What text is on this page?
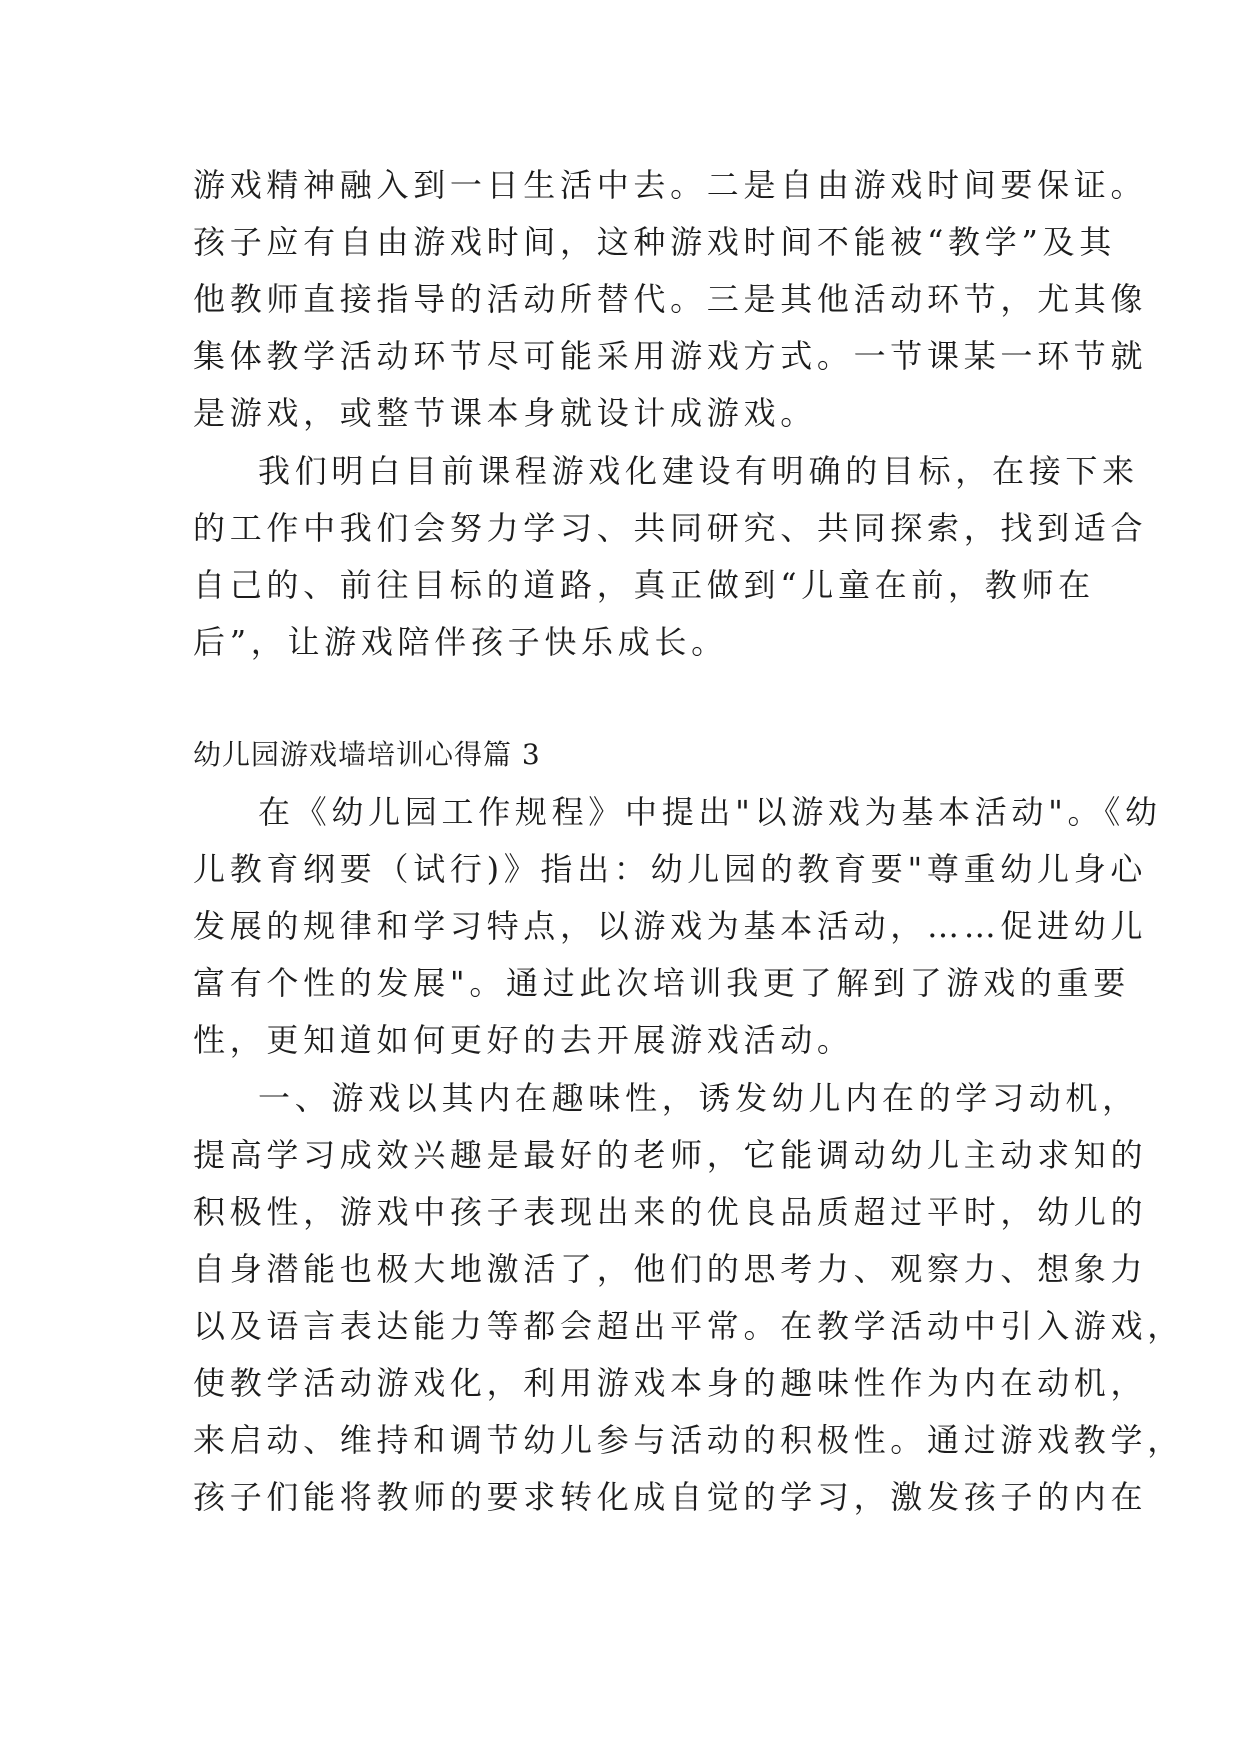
游戏精神融入到一日生活中去。二是自由游戏时间要保证。

孩子应有自由游戏时间，这种游戏时间不能被“教学”及其

他教师直接指导的活动所替代。三是其他活动环节，尤其像

集体教学活动环节尽可能采用游戏方式。一节课某一环节就

是游戏，或整节课本身就设计成游戏。

我们明白目前课程游戏化建设有明确的目标，在接下来

的工作中我们会努力学习、共同研究、共同探索，找到适合

自己的、前往目标的道路，真正做到“儿童在前，教师在

后”，让游戏陪伴孩子快乐成长。

幼儿园游戏墙培训心得篇 3

在《幼儿园工作规程》中提出"以游戏为基本活动"。《幼

儿教育纲要（试行)》指出：幼儿园的教育要"尊重幼儿身心

发展的规律和学习特点，以游戏为基本活动，……促进幼儿

富有个性的发展"。通过此次培训我更了解到了游戏的重要

性，更知道如何更好的去开展游戏活动。

一、游戏以其内在趣味性，诱发幼儿内在的学习动机，

提高学习成效兴趣是最好的老师，它能调动幼儿主动求知的

积极性，游戏中孩子表现出来的优良品质超过平时，幼儿的

自身潜能也极大地激活了，他们的思考力、观察力、想象力

以及语言表达能力等都会超出平常。在教学活动中引入游戏，

使教学活动游戏化，利用游戏本身的趣味性作为内在动机，

来启动、维持和调节幼儿参与活动的积极性。通过游戏教学，

孩子们能将教师的要求转化成自觉的学习，激发孩子的内在
